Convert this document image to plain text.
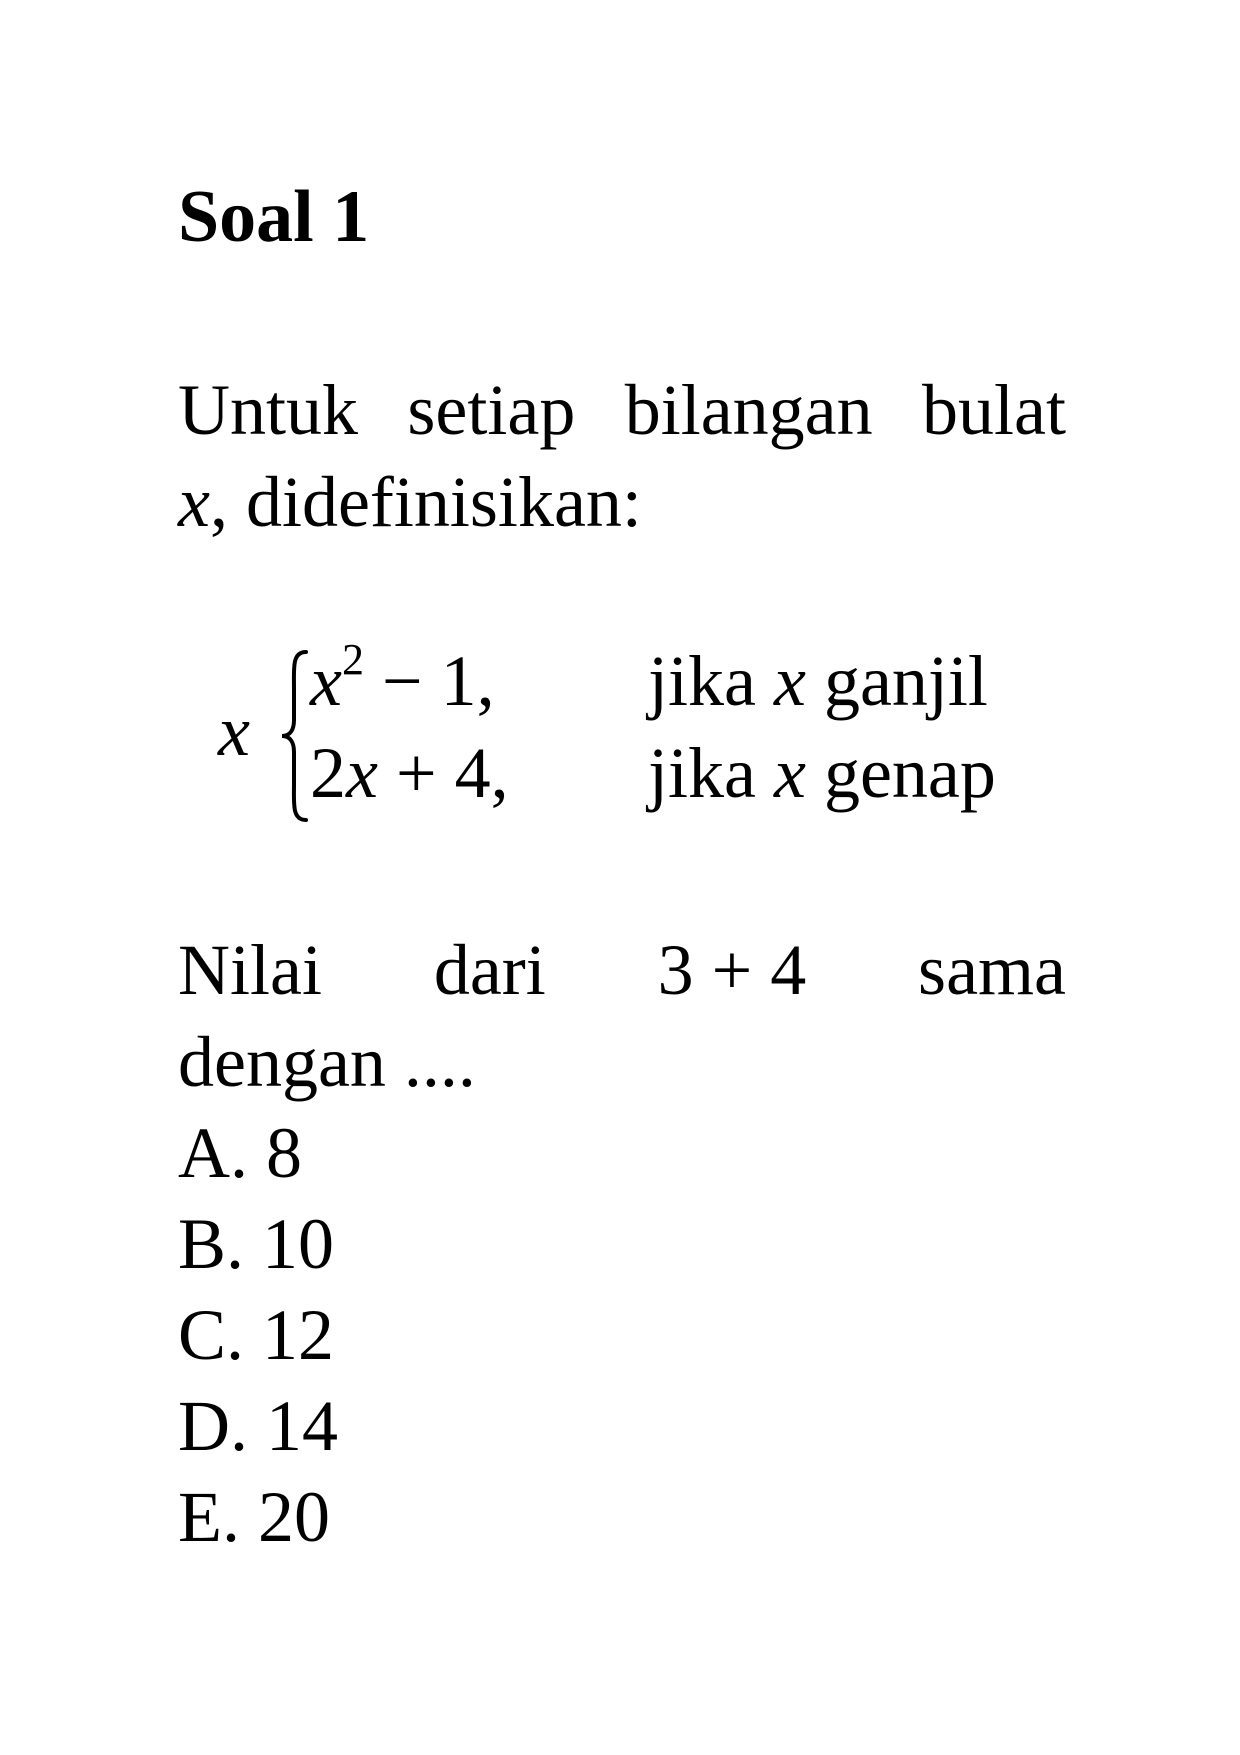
Soal 1
Untuk setiap bilangan bulat
x, didefinisikan:
x
$x^2 - 1$, jika x ganjil
2x + 4, jika x genap
Nilai dari 3 + 4 sama
dengan ....
A. 8
B. 10
C. 12
D. 14
E. 20
